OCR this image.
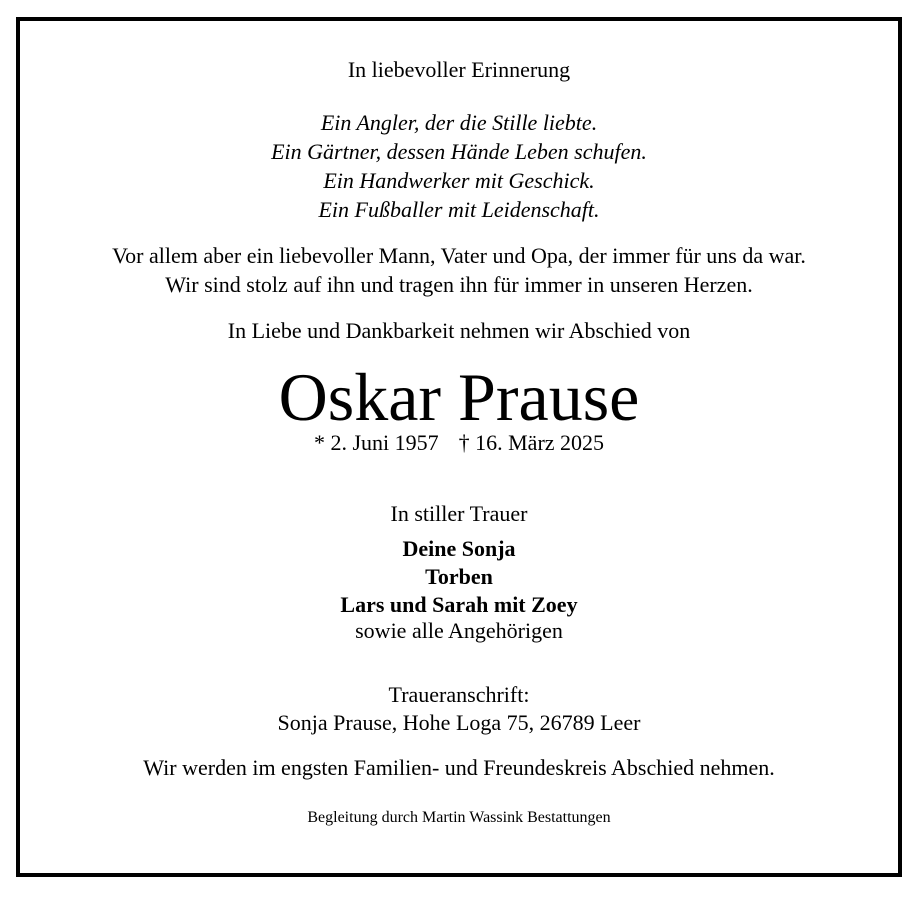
In liebevoller Erinnerung
Ein Angler, der die Stille liebte.
Ein Gärtner, dessen Hände Leben schufen.
Ein Handwerker mit Geschick.
Ein Fußballer mit Leidenschaft.
Vor allem aber ein liebevoller Mann, Vater und Opa, der immer für uns da war.
Wir sind stolz auf ihn und tragen ihn für immer in unseren Herzen.
In Liebe und Dankbarkeit nehmen wir Abschied von
Oskar Prause
* 2. Juni 1957 † 16. März 2025
In stiller Trauer
Deine Sonja
Torben
Lars und Sarah mit Zoey
sowie alle Angehörigen
Traueranschrift:
Sonja Prause, Hohe Loga 75, 26789 Leer
Wir werden im engsten Familien- und Freundeskreis Abschied nehmen.
Begleitung durch Martin Wassink Bestattungen
